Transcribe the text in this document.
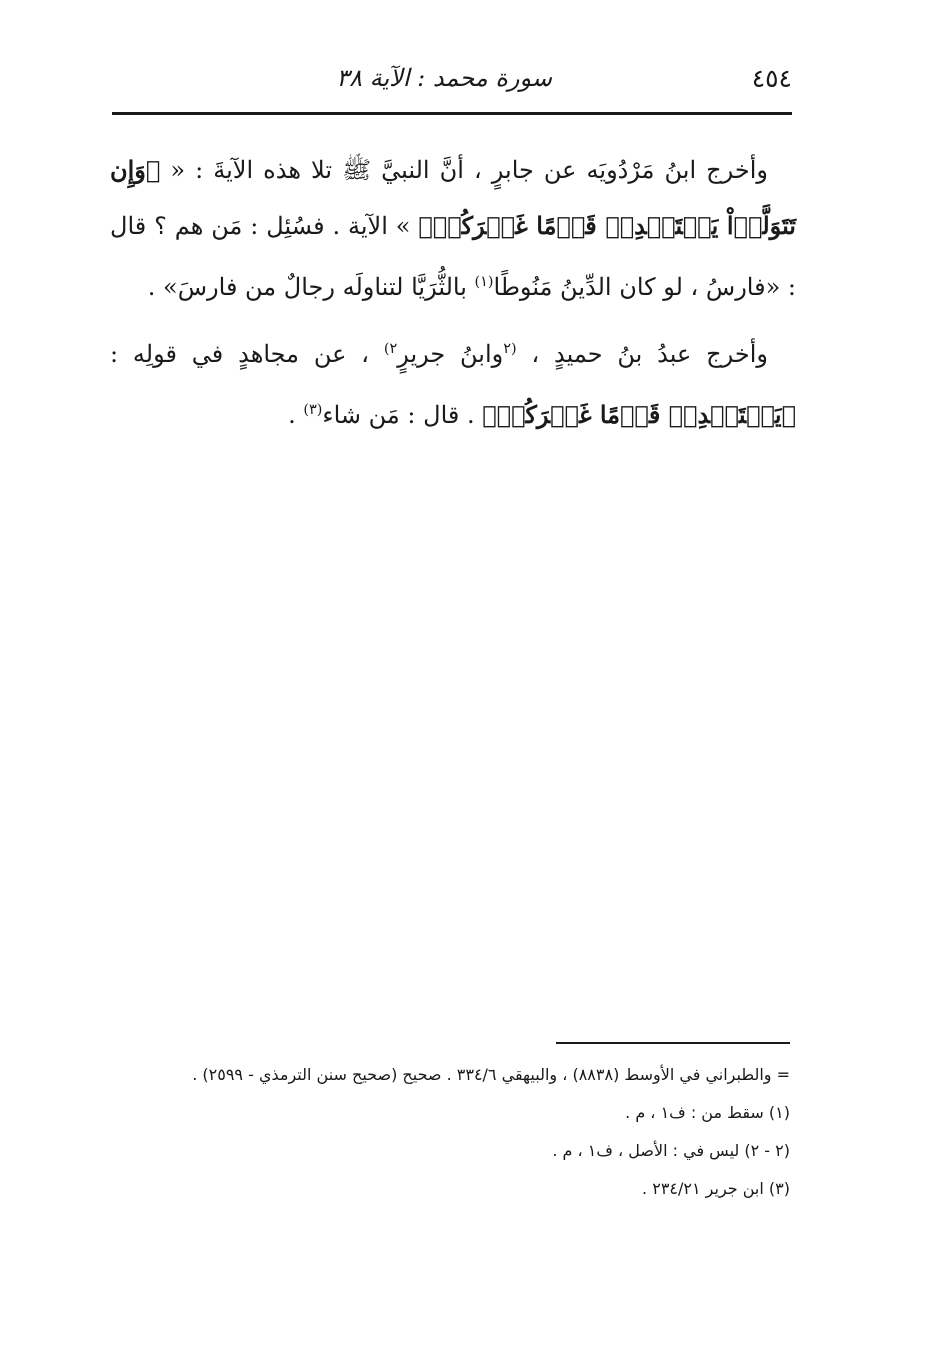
٤٥٤
سورة محمد : الآية ٣٨

وأخرج ابنُ مَرْدُويَه عن جابرٍ ، أنَّ النبيَّ ﷺ تلا هذه الآيةَ : « ﴿وَإِن تَتَوَلَّوۡاْ يَسۡتَبۡدِلۡ قَوۡمًا غَيۡرَكُمۡ﴾ » الآية . فسُئِل : مَن هم ؟ قال : «فارسُ ، لو كان الدِّينُ مَنُوطًا$^{(١)}$ بالثُّرَيَّا لتناولَه رجالٌ من فارسَ» .

وأخرج عبدُ بنُ حميدٍ ، $^{(٢}$وابنُ جريرٍ$^{٢)}$ ، عن مجاهدٍ في قولِه : ﴿يَسۡتَبۡدِلۡ قَوۡمًا غَيۡرَكُمۡ﴾ . قال : مَن شاء$^{(٣)}$ .

= والطبراني في الأوسط (٨٨٣٨) ، والبيهقي ٣٣٤/٦ . صحيح (صحيح سنن الترمذي - ٢٥٩٩) .
(١) سقط من : ف١ ، م .
(٢ - ٢) ليس في : الأصل ، ف١ ، م .
(٣) ابن جرير ٢٣٤/٢١ .
